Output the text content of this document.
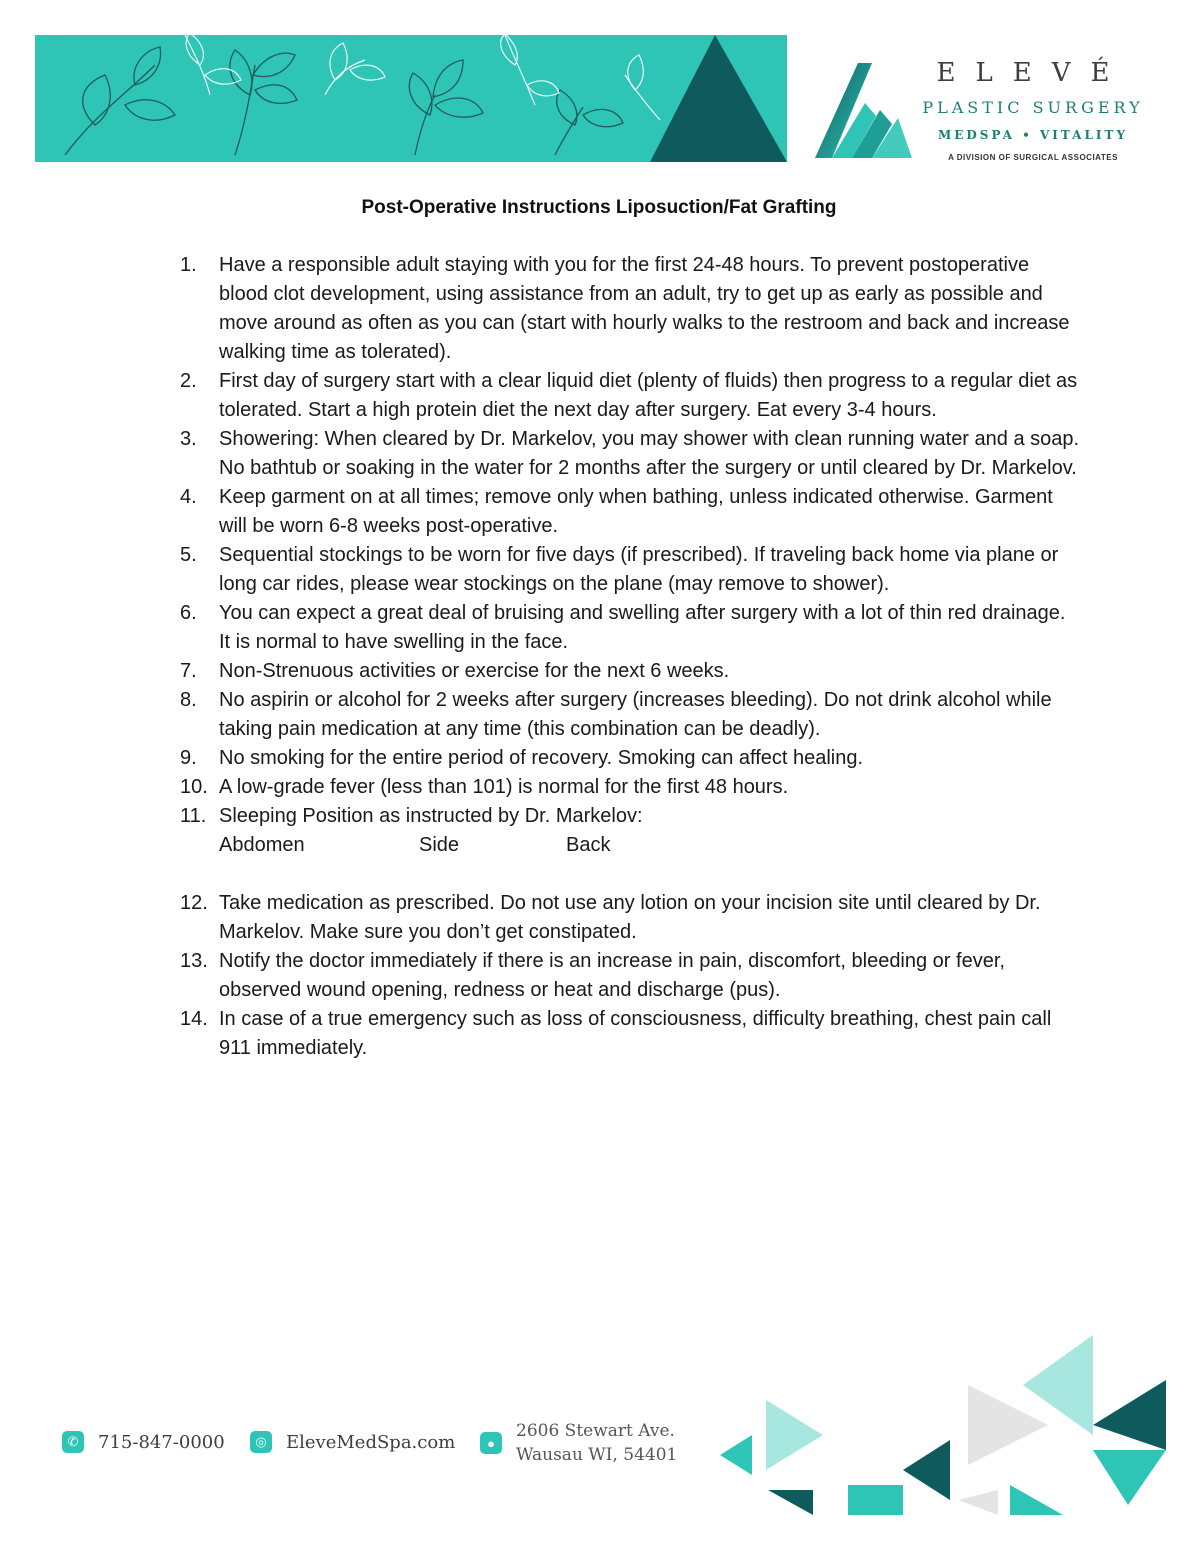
ELEVÉ
PLASTIC SURGERY
MEDSPA • VITALITY
A DIVISION OF SURGICAL ASSOCIATES
Post-Operative Instructions Liposuction/Fat Grafting
1.	Have a responsible adult staying with you for the first 24-48 hours. To prevent postoperative blood clot development, using assistance from an adult, try to get up as early as possible and move around as often as you can (start with hourly walks to the restroom and back and increase walking time as tolerated).
2.	First day of surgery start with a clear liquid diet (plenty of fluids) then progress to a regular diet as tolerated. Start a high protein diet the next day after surgery. Eat every 3-4 hours.
3.	Showering: When cleared by Dr. Markelov, you may shower with clean running water and a soap. No bathtub or soaking in the water for 2 months after the surgery or until cleared by Dr. Markelov.
4.	Keep garment on at all times; remove only when bathing, unless indicated otherwise. Garment will be worn 6-8 weeks post-operative.
5.	Sequential stockings to be worn for five days (if prescribed). If traveling back home via plane or long car rides, please wear stockings on the plane (may remove to shower).
6.	You can expect a great deal of bruising and swelling after surgery with a lot of thin red drainage. It is normal to have swelling in the face.
7.	Non-Strenuous activities or exercise for the next 6 weeks.
8.	No aspirin or alcohol for 2 weeks after surgery (increases bleeding). Do not drink alcohol while taking pain medication at any time (this combination can be deadly).
9.	No smoking for the entire period of recovery. Smoking can affect healing.
10. A low-grade fever (less than 101) is normal for the first 48 hours.
11. Sleeping Position as instructed by Dr. Markelov:
Abdomen	Side	Back
12. Take medication as prescribed. Do not use any lotion on your incision site until cleared by Dr. Markelov. Make sure you don’t get constipated.
13. Notify the doctor immediately if there is an increase in pain, discomfort, bleeding or fever, observed wound opening, redness or heat and discharge (pus).
14. In case of a true emergency such as loss of consciousness, difficulty breathing, chest pain call 911 immediately.
✆	715-847-0000	◎ EleveMedSpa.com	●
2606 Stewart Ave.
Wausau WI, 54401
